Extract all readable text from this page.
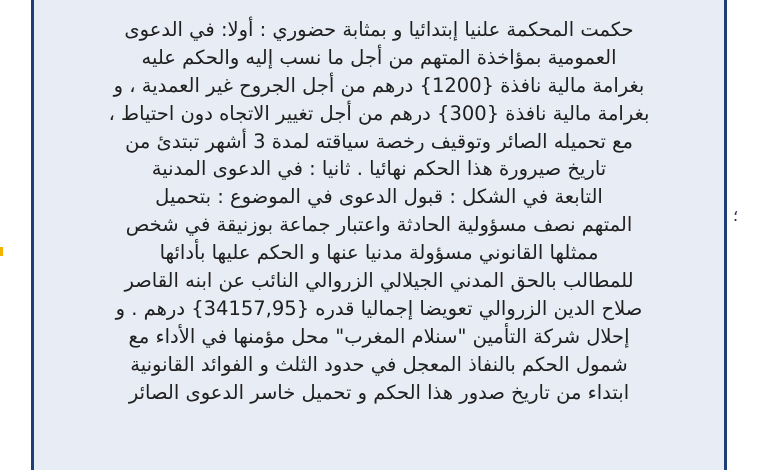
حكمت المحكمة علنيا إبتدائيا و بمثابة حضوري : أولا: في الدعوى
العمومية بمؤاخذة المتهم من أجل ما نسب إليه والحكم عليه
بغرامة مالية نافذة {1200} درهم من أجل الجروح غير العمدية ، و
بغرامة مالية نافذة {300} درهم من أجل تغيير الاتجاه دون احتياط ،
مع تحميله الصائر وتوقيف رخصة سياقته لمدة 3 أشهر تبتدئ من
تاريخ صيرورة هذا الحكم نهائيا . ثانيا : في الدعوى المدنية
التابعة في الشكل : قبول الدعوى في الموضوع : بتحميل
المتهم نصف مسؤولية الحادثة واعتبار جماعة بوزنيقة في شخص
ممثلها القانوني مسؤولة مدنيا عنها و الحكم عليها بأدائها
للمطالب بالحق المدني الجيلالي الزروالي النائب عن ابنه القاصر
صلاح الدين الزروالي تعويضا إجماليا قدره {34157,95} درهم . و
إحلال شركة التأمين "سنلام المغرب" محل مؤمنها في الأداء مع
شمول الحكم بالنفاذ المعجل في حدود الثلث و الفوائد القانونية
ابتداء من تاريخ صدور هذا الحكم و تحميل خاسر الدعوى الصائر
؛
